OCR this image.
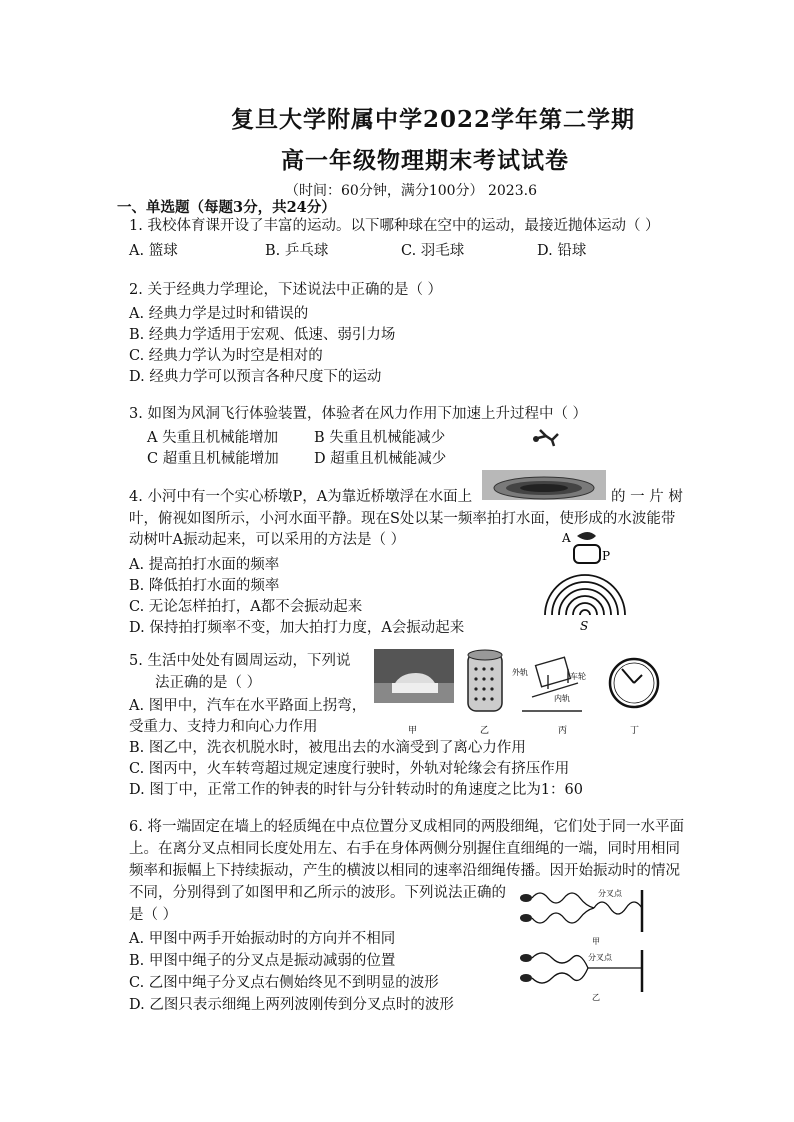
复旦大学附属中学2022学年第二学期
高一年级物理期末考试试卷
（时间：60分钟，满分100分） 2023.6
一、单选题（每题3分，共24分）
1. 我校体育课开设了丰富的运动。以下哪种球在空中的运动，最接近抛体运动（ ）
A. 篮球	B. 乒乓球	C. 羽毛球	D. 铅球
2. 关于经典力学理论，下述说法中正确的是（ ）
A. 经典力学是过时和错误的
B. 经典力学适用于宏观、低速、弱引力场
C. 经典力学认为时空是相对的
D. 经典力学可以预言各种尺度下的运动
3. 如图为风洞飞行体验装置，体验者在风力作用下加速上升过程中（ ）
A 失重且机械能增加 B 失重且机械能减少
C 超重且机械能增加 D 超重且机械能减少
4. 小河中有一个实心桥墩P，A为靠近桥墩浮在水面上	的 一 片 树
叶，俯视如图所示，小河水面平静。现在S处以某一频率拍打水面，使形成的水波能带
动树叶A振动起来，可以采用的方法是（ ）
A. 提高拍打水面的频率
B. 降低拍打水面的频率
C. 无论怎样拍打，A都不会振动起来
D. 保持拍打频率不变，加大拍打力度，A会振动起来
A
P
S
5. 生活中处处有圆周运动，下列说
法正确的是（ ）
A. 图甲中，汽车在水平路面上拐弯，
受重力、支持力和向心力作用
B. 图乙中，洗衣机脱水时，被甩出去的水滴受到了离心力作用
C. 图丙中，火车转弯超过规定速度行驶时，外轨对轮缘会有挤压作用
D. 图丁中，正常工作的钟表的时针与分针转动时的角速度之比为1：60
甲	乙
外轨	车轮
内轨
丙	丁
6. 将一端固定在墙上的轻质绳在中点位置分叉成相同的两股细绳，它们处于同一水平面
上。在离分叉点相同长度处用左、右手在身体两侧分别握住直细绳的一端，同时用相同
频率和振幅上下持续振动，产生的横波以相同的速率沿细绳传播。因开始振动时的情况
不同，分别得到了如图甲和乙所示的波形。下列说法正确的
是（ ）
A. 甲图中两手开始振动时的方向并不相同
B. 甲图中绳子的分叉点是振动减弱的位置
C. 乙图中绳子分叉点右侧始终见不到明显的波形
D. 乙图只表示细绳上两列波刚传到分叉点时的波形
分叉点
甲
分叉点
乙
